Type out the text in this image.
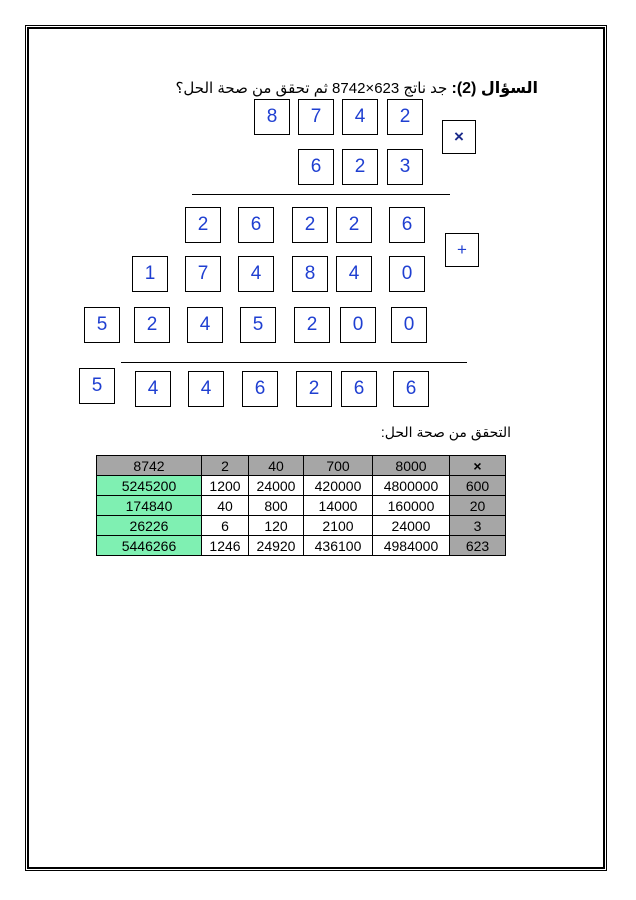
السؤال (2): جد ناتج 623×8742 ثم تحقق من صحة الحل؟
8	7	4	2
×
6	2	3
2	6	2	2	6
+
1	7	4	8	4	0
5	2	4	5	2	0	0
5	4	4	6	2	6	6
التحقق من صحة الحل:
8742	2	40	700	8000	×
5245200	1200	24000	420000	4800000	600
174840	40	800	14000	160000	20
26226	6	120	2100	24000	3
5446266	1246	24920	436100	4984000	623
